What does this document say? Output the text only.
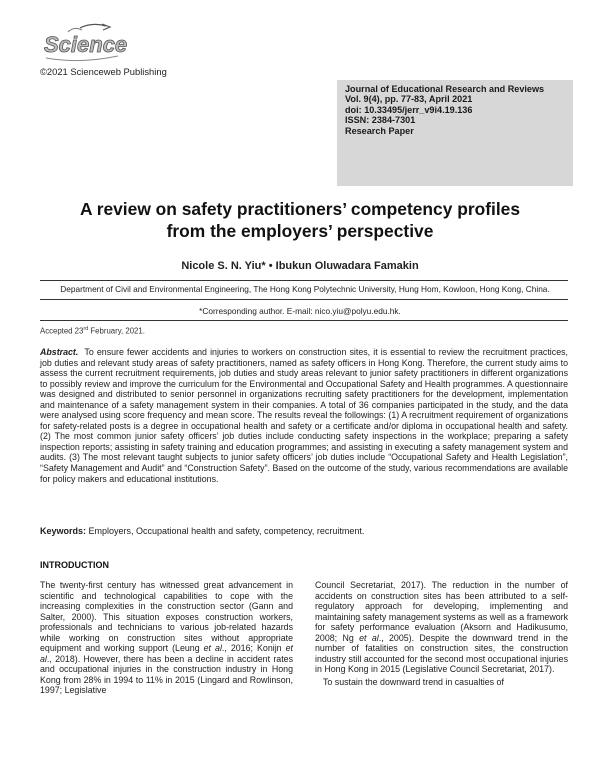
Science
©2021 Scienceweb Publishing
Journal of Educational Research and Reviews
Vol. 9(4), pp. 77-83, April 2021
doi: 10.33495/jerr_v9i4.19.136
ISSN: 2384-7301
Research Paper
A review on safety practitioners’ competency profiles
from the employers’ perspective
Nicole S. N. Yiu* • Ibukun Oluwadara Famakin
Department of Civil and Environmental Engineering, The Hong Kong Polytechnic University, Hung Hom, Kowloon, Hong Kong, China.
*Corresponding author. E-mail: nico.yiu@polyu.edu.hk.
Accepted 23rd February, 2021.
Abstract. To ensure fewer accidents and injuries to workers on construction sites, it is essential to review the recruitment practices, job duties and relevant study areas of safety practitioners, named as safety officers in Hong Kong. Therefore, the current study aims to assess the current recruitment requirements, job duties and study areas relevant to junior safety practitioners in different organizations to possibly review and improve the curriculum for the Environmental and Occupational Safety and Health programmes. A questionnaire was designed and distributed to senior personnel in organizations recruiting safety practitioners for the development, implementation and maintenance of a safety management system in their companies. A total of 36 companies participated in the study, and the data were analysed using score frequency and mean score. The results reveal the followings: (1) A recruitment requirement of organizations for safety-related posts is a degree in occupational health and safety or a certificate and/or diploma in occupational health and safety. (2) The most common junior safety officers’ job duties include conducting safety inspections in the workplace; preparing a safety inspection reports; assisting in safety training and education programmes; and assisting in executing a safety management system and audits. (3) The most relevant taught subjects to junior safety officers’ job duties include “Occupational Safety and Health Legislation”, “Safety Management and Audit” and “Construction Safety”. Based on the outcome of the study, various recommendations are available for policy makers and educational institutions.
Keywords: Employers, Occupational health and safety, competency, recruitment.
INTRODUCTION

The twenty-first century has witnessed great advancement in scientific and technological capabilities to cope with the increasing complexities in the construction sector (Gann and Salter, 2000). This situation exposes construction workers, professionals and technicians to various job-related hazards while working on construction sites without appropriate equipment and working support (Leung et al., 2016; Konijn et al., 2018). However, there has been a decline in accident rates and occupational injuries in the construction industry in Hong Kong from 28% in 1994 to 11% in 2015 (Lingard and Rowlinson, 1997; Legislative

Council Secretariat, 2017). The reduction in the number of accidents on construction sites has been attributed to a self-regulatory approach for developing, implementing and maintaining safety management systems as well as a framework for safety performance evaluation (Aksorn and Hadikusumo, 2008; Ng et al., 2005). Despite the downward trend in the number of fatalities on construction sites, the construction industry still accounted for the second most occupational injuries in Hong Kong in 2015 (Legislative Council Secretariat, 2017).

To sustain the downward trend in casualties of
